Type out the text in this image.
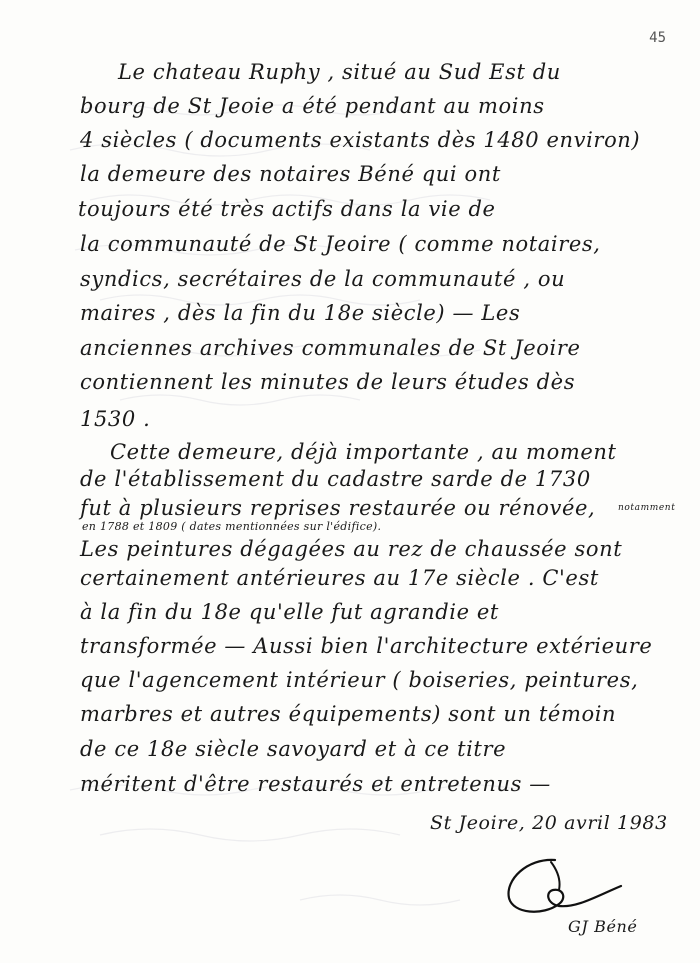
45
Le chateau Ruphy , situé au Sud Est du
bourg de St Jeoie a été pendant au moins
4 siècles ( documents existants dès 1480 environ)
la demeure des notaires Béné qui ont
toujours été très actifs dans la vie de
la communauté de St Jeoire ( comme notaires,
syndics, secrétaires de la communauté , ou
maires , dès la fin du 18e siècle) — Les
anciennes archives communales de St Jeoire
contiennent les minutes de leurs études dès
1530 .
Cette demeure, déjà importante , au moment
de l'établissement du cadastre sarde de 1730
fut à plusieurs reprises restaurée ou rénovée,	notamment
en 1788 et 1809 ( dates mentionnées sur l'édifice).
Les peintures dégagées au rez de chaussée sont
certainement antérieures au 17e siècle . C'est
à la fin du 18e qu'elle fut agrandie et
transformée — Aussi bien l'architecture extérieure
que l'agencement intérieur ( boiseries, peintures,
marbres et autres équipements) sont un témoin
de ce 18e siècle savoyard et à ce titre
méritent d'être restaurés et entretenus —
St Jeoire, 20 avril 1983
GJ Béné
